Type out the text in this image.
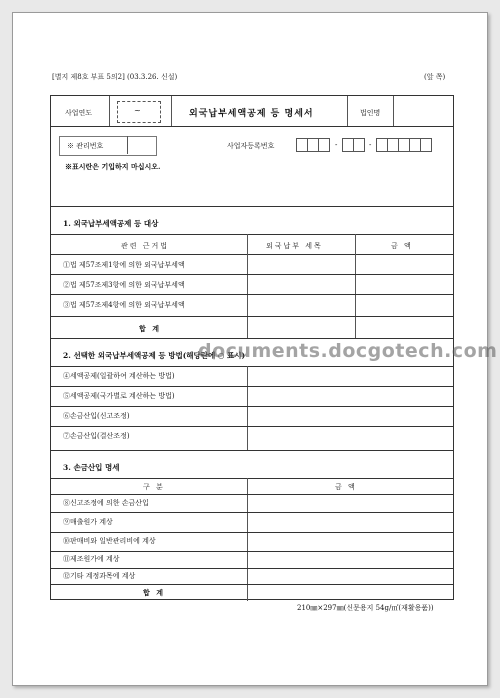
[별지 제8호 부표 5의2] (03.3.26. 신설)	(앞 쪽)
사업연도	~	외국납부세액공제 등 명세서	법인명
※ 관리번호	사업자등록번호	-	-
※표시란은 기입하지 마십시오.
1. 외국납부세액공제 등 대상
관련 근거법	외국납부 세목	금 액
①법 제57조제1항에 의한 외국납부세액
②법 제57조제3항에 의한 외국납부세액
③법 제57조제4항에 의한 외국납부세액
합 계
2. 선택한 외국납부세액공제 등 방법(해당란에 ○ 표시)
④세액공제(일괄하여 계산하는 방법)
⑤세액공제(국가별로 계산하는 방법)
⑥손금산입(신고조정)
⑦손금산입(결산조정)
3. 손금산입 명세
구 분	금 액
⑧신고조정에 의한 손금산입
⑨매출원가 계상
⑩판매비와 일반관리비에 계상
⑪제조원가에 계상
⑫기타 계정과목에 계상
합 계
210㎜×297㎜(신문용지 54g/㎡(재활용품))
documents.docgotech.com
